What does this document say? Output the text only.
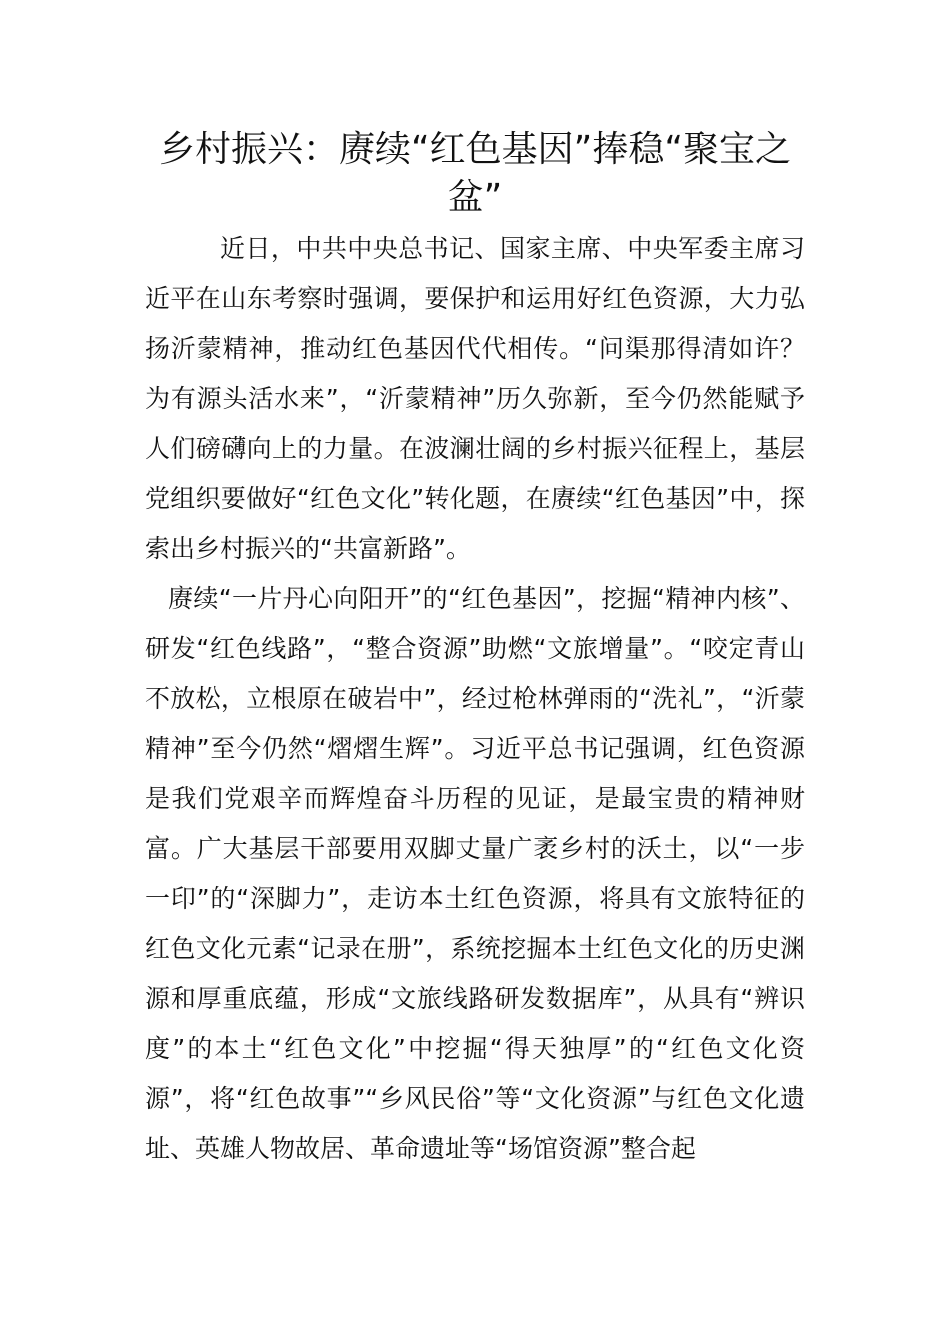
乡村振兴：赓续“红色基因”捧稳“聚宝之盆”

近日，中共中央总书记、国家主席、中央军委主席习近平在山东考察时强调，要保护和运用好红色资源，大力弘扬沂蒙精神，推动红色基因代代相传。“问渠那得清如许？为有源头活水来”，“沂蒙精神”历久弥新，至今仍然能赋予人们磅礴向上的力量。在波澜壮阔的乡村振兴征程上，基层党组织要做好“红色文化”转化题，在赓续“红色基因”中，探索出乡村振兴的“共富新路”。

赓续“一片丹心向阳开”的“红色基因”，挖掘“精神内核”、研发“红色线路”，“整合资源”助燃“文旅增量”。“咬定青山不放松，立根原在破岩中”，经过枪林弹雨的“洗礼”，“沂蒙精神”至今仍然“熠熠生辉”。习近平总书记强调，红色资源是我们党艰辛而辉煌奋斗历程的见证，是最宝贵的精神财富。广大基层干部要用双脚丈量广袤乡村的沃土，以“一步一印”的“深脚力”，走访本土红色资源，将具有文旅特征的红色文化元素“记录在册”，系统挖掘本土红色文化的历史渊源和厚重底蕴，形成“文旅线路研发数据库”，从具有“辨识度”的本土“红色文化”中挖掘“得天独厚”的“红色文化资源”，将“红色故事”“乡风民俗”等“文化资源”与红色文化遗址、英雄人物故居、革命遗址等“场馆资源”整合起
